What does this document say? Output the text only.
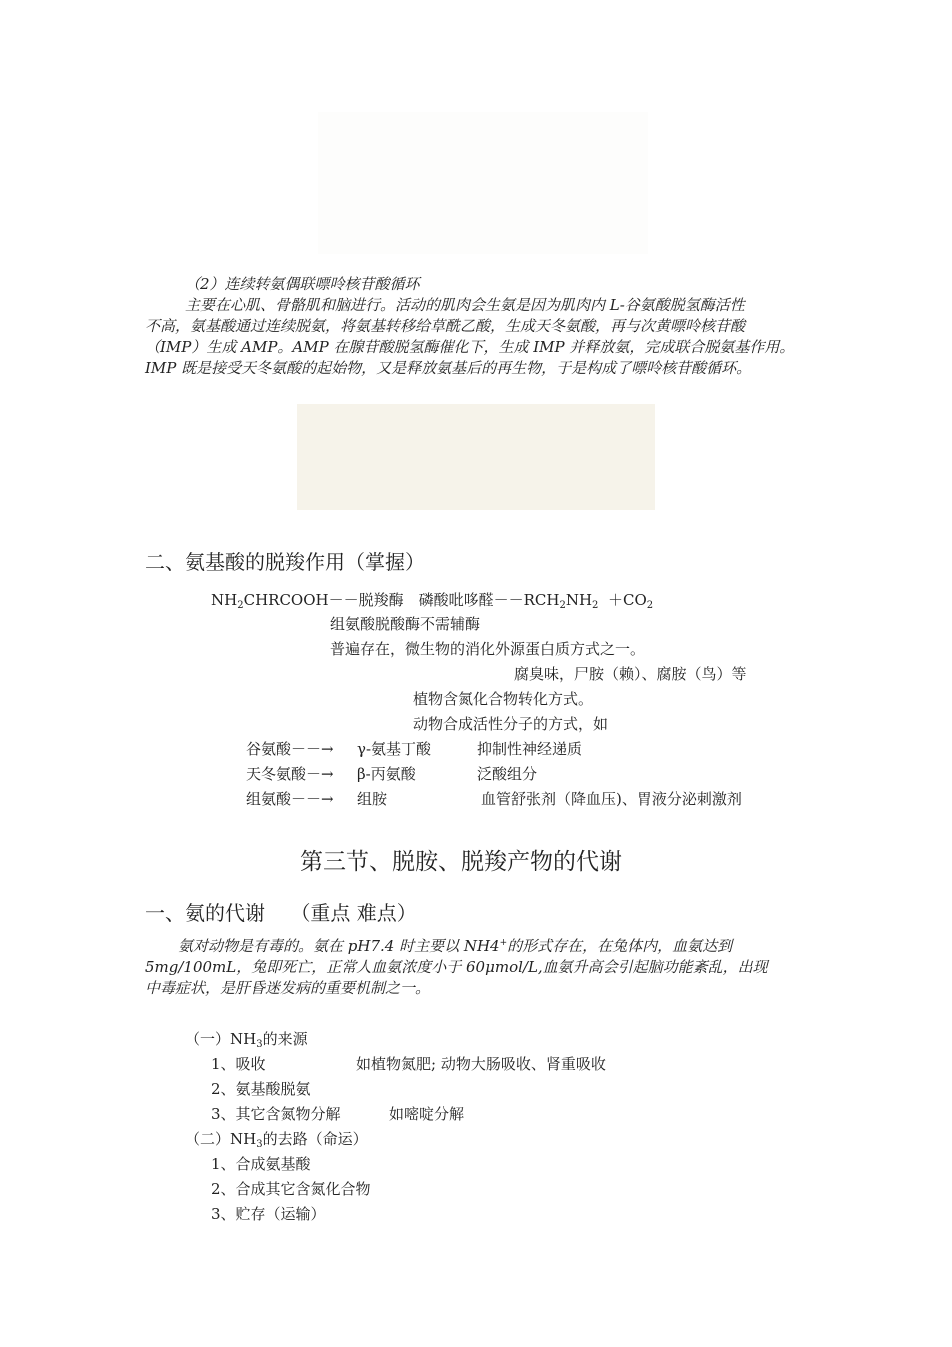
（2）连续转氨偶联嘌呤核苷酸循环

主要在心肌、骨骼肌和脑进行。活动的肌肉会生氨是因为肌肉内 L-谷氨酸脱氢酶活性

不高，氨基酸通过连续脱氨，将氨基转移给草酰乙酸，生成天冬氨酸，再与次黄嘌呤核苷酸

（IMP）生成 AMP。AMP 在腺苷酸脱氢酶催化下，生成 IMP 并释放氨，完成联合脱氨基作用。

IMP 既是接受天冬氨酸的起始物，又是释放氨基后的再生物，于是构成了嘌呤核苷酸循环。

二、氨基酸的脱羧作用（掌握）
$NH_2CHRCOOH--$脱羧酶　磷酸吡哆醛$--RCH_2NH_2 +CO_2$
组氨酸脱酸酶不需辅酶
普遍存在，微生物的消化外源蛋白质方式之一。
腐臭味，尸胺（赖）、腐胺（鸟）等
植物含氮化合物转化方式。
动物合成活性分子的方式，如
谷氨酸－－→ γ-氨基丁酸	抑制性神经递质
天冬氨酸－→ β-丙氨酸	泛酸组分
组氨酸－－→ 组胺	血管舒张剂（降血压)、胃液分泌刺激剂
第三节、脱胺、脱羧产物的代谢
一、氨的代谢 （重点 难点）

氨对动物是有毒的。氨在 pH7.4 时主要以 NH4+的形式存在，在兔体内，血氨达到

5mg/100mL，兔即死亡，正常人血氨浓度小于 60μmol/L,血氨升高会引起脑功能紊乱，出现

中毒症状，是肝昏迷发病的重要机制之一。

（一）$NH_3$的来源
1、吸收	如植物氮肥; 动物大肠吸收、肾重吸收
2、氨基酸脱氨
3、其它含氮物分解	如嘧啶分解
（二）$NH_3$的去路（命运）
1、合成氨基酸
2、合成其它含氮化合物
3、贮存（运输）
